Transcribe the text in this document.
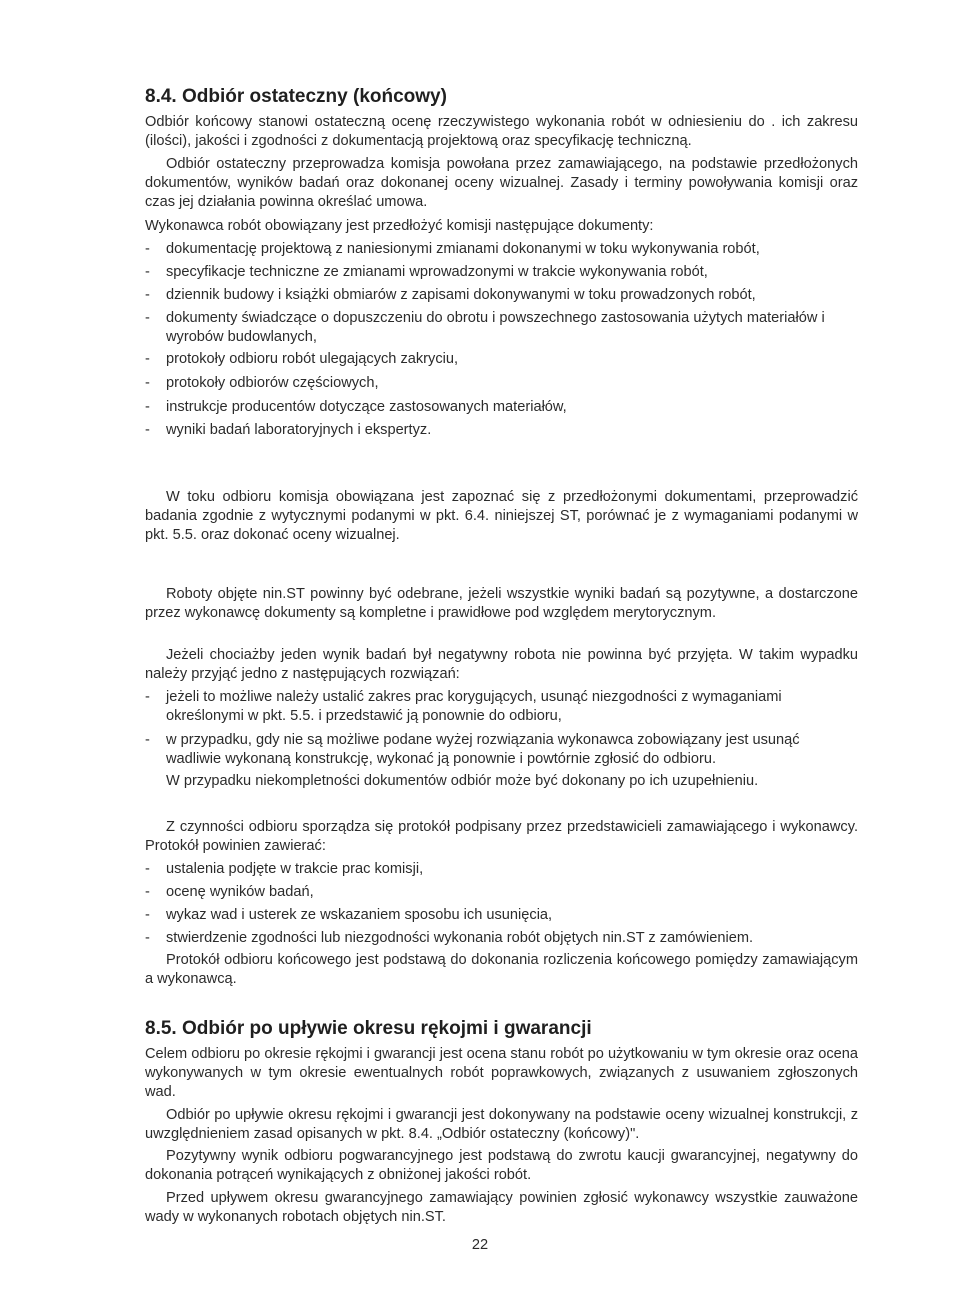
8.4. Odbiór ostateczny (końcowy)

Odbiór końcowy stanowi ostateczną ocenę rzeczywistego wykonania robót w odniesieniu do . ich zakresu (ilości), jakości i zgodności z dokumentacją projektową oraz specyfikację techniczną.

Odbiór ostateczny przeprowadza komisja powołana przez zamawiającego, na podstawie przedłożonych dokumentów, wyników badań oraz dokonanej oceny wizualnej. Zasady i terminy powoływania komisji oraz czas jej działania powinna określać umowa.

Wykonawca robót obowiązany jest przedłożyć komisji następujące dokumenty:

- dokumentację projektową z naniesionymi zmianami dokonanymi w toku wykonywania robót,
- specyfikacje techniczne ze zmianami wprowadzonymi w trakcie wykonywania robót,
- dziennik budowy i książki obmiarów z zapisami dokonywanymi w toku prowadzonych robót,
- dokumenty świadczące o dopuszczeniu do obrotu i powszechnego zastosowania użytych materiałów i wyrobów budowlanych,
- protokoły odbioru robót ulegających zakryciu,
- protokoły odbiorów częściowych,
- instrukcje producentów dotyczące zastosowanych materiałów,
- wyniki badań laboratoryjnych i ekspertyz.

W toku odbioru komisja obowiązana jest zapoznać się z przedłożonymi dokumentami, przeprowadzić badania zgodnie z wytycznymi podanymi w pkt. 6.4. niniejszej ST, porównać je z wymaganiami podanymi w pkt. 5.5. oraz dokonać oceny wizualnej.

Roboty objęte nin.ST powinny być odebrane, jeżeli wszystkie wyniki badań są pozytywne, a dostarczone przez wykonawcę dokumenty są kompletne i prawidłowe pod względem merytorycznym.

Jeżeli chociażby jeden wynik badań był negatywny robota nie powinna być przyjęta. W takim wypadku należy przyjąć jedno z następujących rozwiązań:

- jeżeli to możliwe należy ustalić zakres prac korygujących, usunąć niezgodności z wymaganiami określonymi w pkt. 5.5. i przedstawić ją ponownie do odbioru,
- w przypadku, gdy nie są możliwe podane wyżej rozwiązania wykonawca zobowiązany jest usunąć wadliwie wykonaną konstrukcję, wykonać ją ponownie i powtórnie zgłosić do odbioru.

W przypadku niekompletności dokumentów odbiór może być dokonany po ich uzupełnieniu.

Z czynności odbioru sporządza się protokół podpisany przez przedstawicieli zamawiającego i wykonawcy. Protokół powinien zawierać:

- ustalenia podjęte w trakcie prac komisji,
- ocenę wyników badań,
- wykaz wad i usterek ze wskazaniem sposobu ich usunięcia,
- stwierdzenie zgodności lub niezgodności wykonania robót objętych nin.ST z zamówieniem.

Protokół odbioru końcowego jest podstawą do dokonania rozliczenia końcowego pomiędzy zamawiającym a wykonawcą.

8.5. Odbiór po upływie okresu rękojmi i gwarancji

Celem odbioru po okresie rękojmi i gwarancji jest ocena stanu robót po użytkowaniu w tym okresie oraz ocena wykonywanych w tym okresie ewentualnych robót poprawkowych, związanych z usuwaniem zgłoszonych wad.

Odbiór po upływie okresu rękojmi i gwarancji jest dokonywany na podstawie oceny wizualnej konstrukcji, z uwzględnieniem zasad opisanych w pkt. 8.4. „Odbiór ostateczny (końcowy)".

Pozytywny wynik odbioru pogwarancyjnego jest podstawą do zwrotu kaucji gwarancyjnej, negatywny do dokonania potrąceń wynikających z obniżonej jakości robót.

Przed upływem okresu gwarancyjnego zamawiający powinien zgłosić wykonawcy wszystkie zauważone wady w wykonanych robotach objętych nin.ST.

22
